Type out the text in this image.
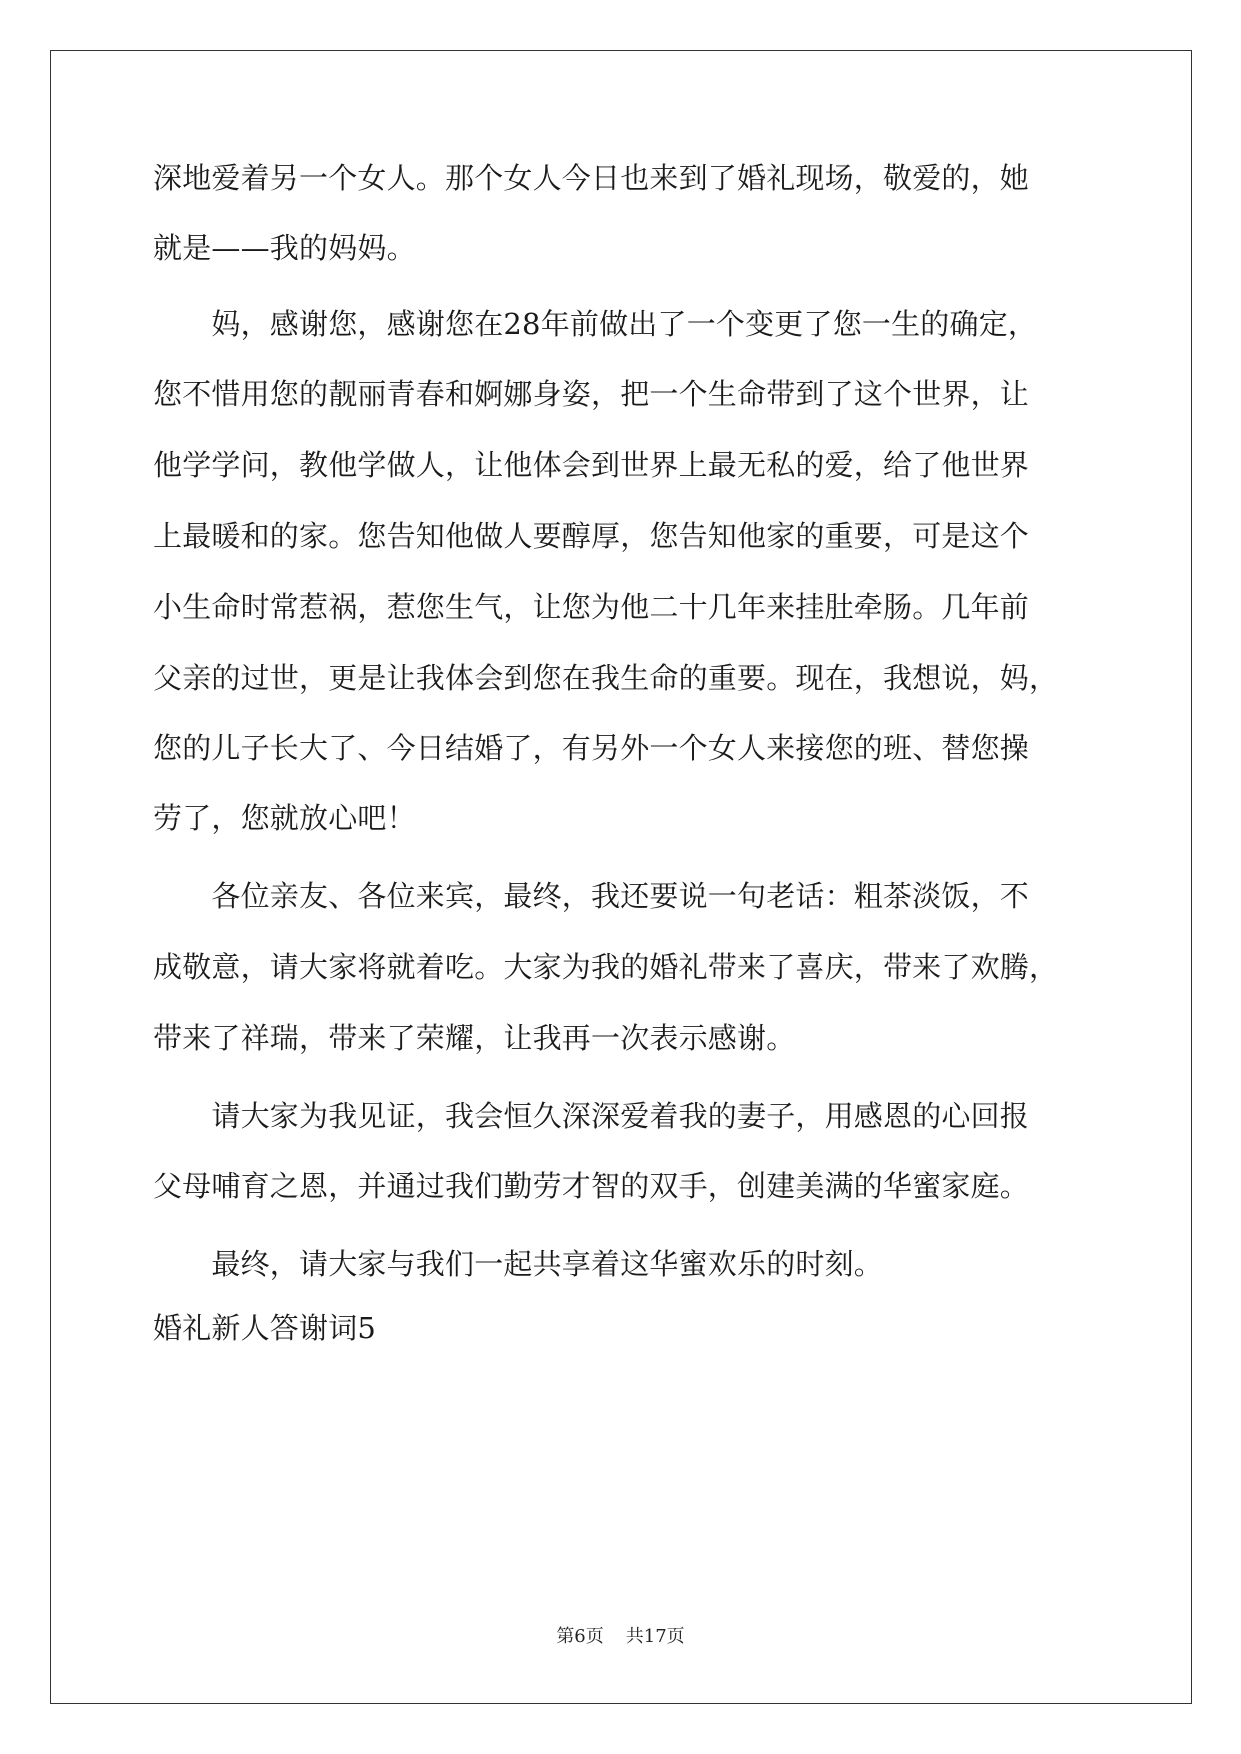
深地爱着另一个女人。那个女人今日也来到了婚礼现场，敬爱的，她
就是——我的妈妈。
　　妈，感谢您，感谢您在28年前做出了一个变更了您一生的确定，
您不惜用您的靓丽青春和婀娜身姿，把一个生命带到了这个世界，让
他学学问，教他学做人，让他体会到世界上最无私的爱，给了他世界
上最暖和的家。您告知他做人要醇厚，您告知他家的重要，可是这个
小生命时常惹祸，惹您生气，让您为他二十几年来挂肚牵肠。几年前
父亲的过世，更是让我体会到您在我生命的重要。现在，我想说，妈，
您的儿子长大了、今日结婚了，有另外一个女人来接您的班、替您操
劳了，您就放心吧！
　　各位亲友、各位来宾，最终，我还要说一句老话：粗茶淡饭，不
成敬意，请大家将就着吃。大家为我的婚礼带来了喜庆，带来了欢腾，
带来了祥瑞，带来了荣耀，让我再一次表示感谢。
　　请大家为我见证，我会恒久深深爱着我的妻子，用感恩的心回报
父母哺育之恩，并通过我们勤劳才智的双手，创建美满的华蜜家庭。
　　最终，请大家与我们一起共享着这华蜜欢乐的时刻。
婚礼新人答谢词5
第6页 共17页
